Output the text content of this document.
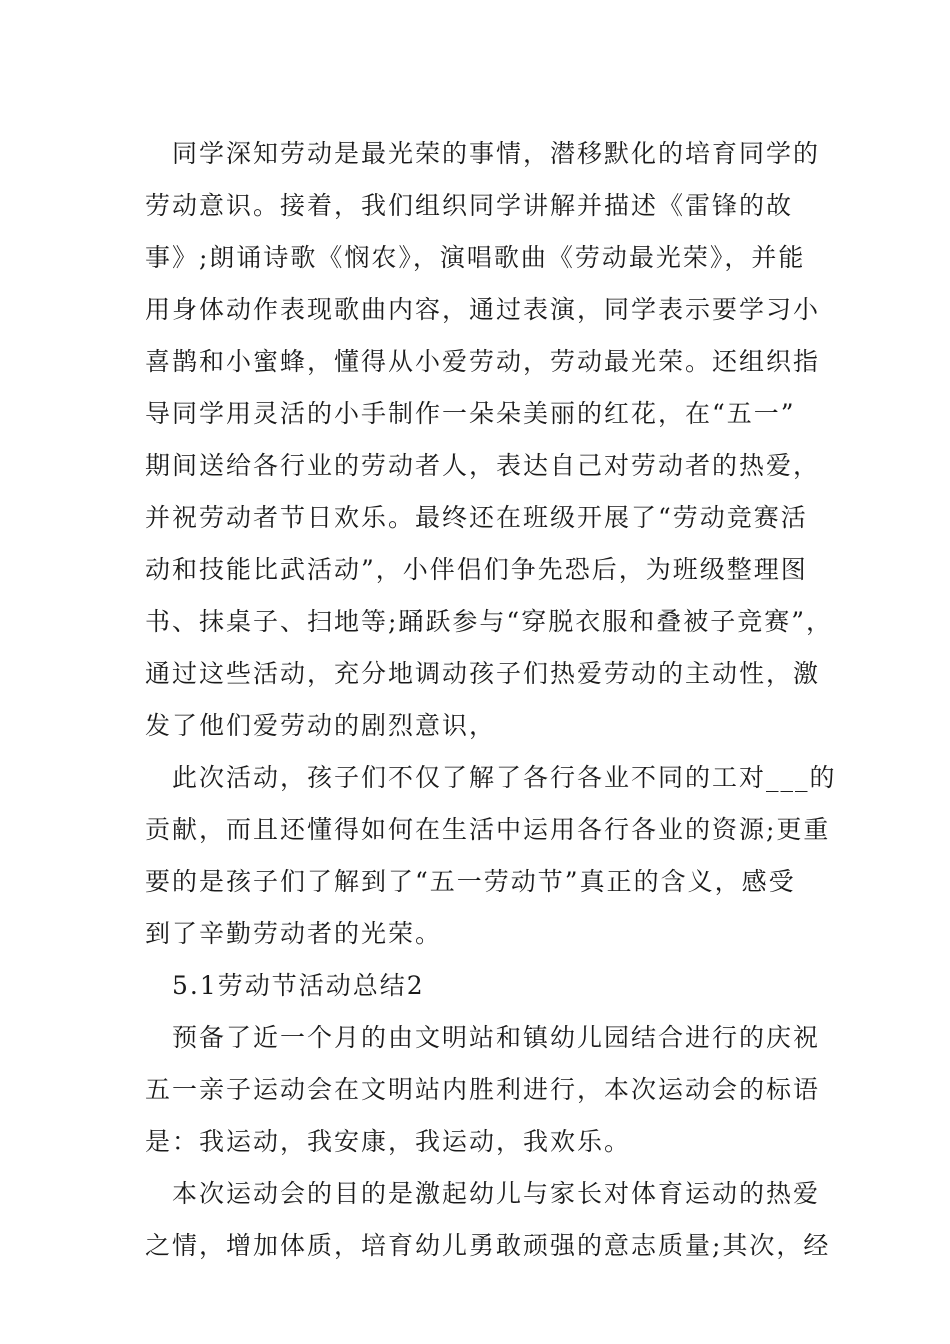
　同学深知劳动是最光荣的事情，潜移默化的培育同学的
劳动意识。接着，我们组织同学讲解并描述《雷锋的故
事》;朗诵诗歌《悯农》，演唱歌曲《劳动最光荣》，并能
用身体动作表现歌曲内容，通过表演，同学表示要学习小
喜鹊和小蜜蜂，懂得从小爱劳动，劳动最光荣。还组织指
导同学用灵活的小手制作一朵朵美丽的红花，在“五一”
期间送给各行业的劳动者人，表达自己对劳动者的热爱，
并祝劳动者节日欢乐。最终还在班级开展了“劳动竞赛活
动和技能比武活动”，小伴侣们争先恐后，为班级整理图
书、抹桌子、扫地等;踊跃参与“穿脱衣服和叠被子竞赛”，
通过这些活动，充分地调动孩子们热爱劳动的主动性，激
发了他们爱劳动的剧烈意识，
　此次活动，孩子们不仅了解了各行各业不同的工对___的
贡献，而且还懂得如何在生活中运用各行各业的资源;更重
要的是孩子们了解到了“五一劳动节”真正的含义，感受
到了辛勤劳动者的光荣。
5.1劳动节活动总结2
　预备了近一个月的由文明站和镇幼儿园结合进行的庆祝
五一亲子运动会在文明站内胜利进行，本次运动会的标语
是：我运动，我安康，我运动，我欢乐。
　本次运动会的目的是激起幼儿与家长对体育运动的热爱
之情，增加体质，培育幼儿勇敢顽强的意志质量;其次，经
